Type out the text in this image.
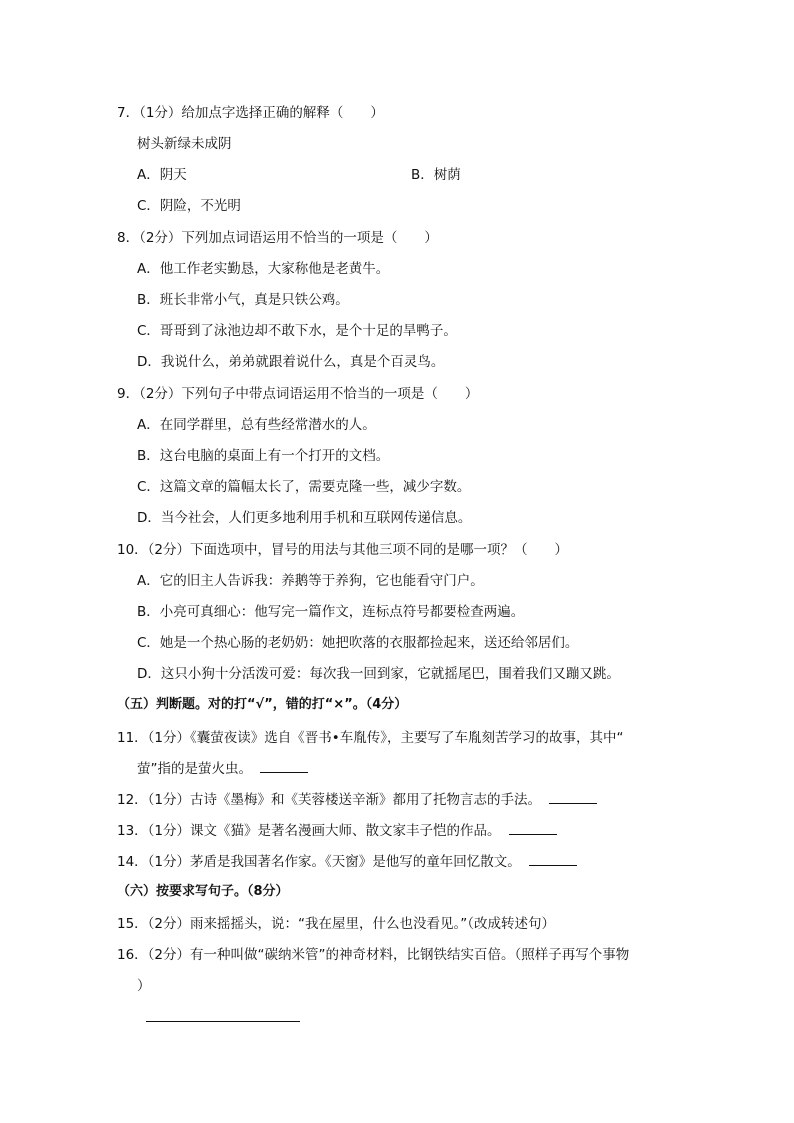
7．（1分）给加点字选择正确的解释（　　）
树头新绿未成阴
A．阴天	B．树荫
C．阴险，不光明
8．（2分）下列加点词语运用不恰当的一项是（　　）
A．他工作老实勤恳，大家称他是老黄牛。
B．班长非常小气，真是只铁公鸡。
C．哥哥到了泳池边却不敢下水，是个十足的旱鸭子。
D．我说什么，弟弟就跟着说什么，真是个百灵鸟。
9．（2分）下列句子中带点词语运用不恰当的一项是（　　）
A．在同学群里，总有些经常潜水的人。
B．这台电脑的桌面上有一个打开的文档。
C．这篇文章的篇幅太长了，需要克隆一些，减少字数。
D．当今社会，人们更多地利用手机和互联网传递信息。
10．（2分）下面选项中，冒号的用法与其他三项不同的是哪一项？（　　）
A．它的旧主人告诉我：养鹅等于养狗，它也能看守门户。
B．小亮可真细心：他写完一篇作文，连标点符号都要检查两遍。
C．她是一个热心肠的老奶奶：她把吹落的衣服都捡起来，送还给邻居们。
D．这只小狗十分活泼可爱：每次我一回到家，它就摇尾巴，围着我们又蹦又跳。
（五）判断题。对的打“√”，错的打“×”。（4分）
11．（1分）《囊萤夜读》选自《晋书•车胤传》，主要写了车胤刻苦学习的故事，其中“
萤”指的是萤火虫。
12．（1分）古诗《墨梅》和《芙蓉楼送辛渐》都用了托物言志的手法。
13．（1分）课文《猫》是著名漫画大师、散文家丰子恺的作品。
14．（1分）茅盾是我国著名作家。《天窗》是他写的童年回忆散文。
（六）按要求写句子。（8分）
15．（2分）雨来摇摇头，说：“我在屋里，什么也没看见。”（改成转述句）
16．（2分）有一种叫做“碳纳米管”的神奇材料，比钢铁结实百倍。（照样子再写个事物
）
